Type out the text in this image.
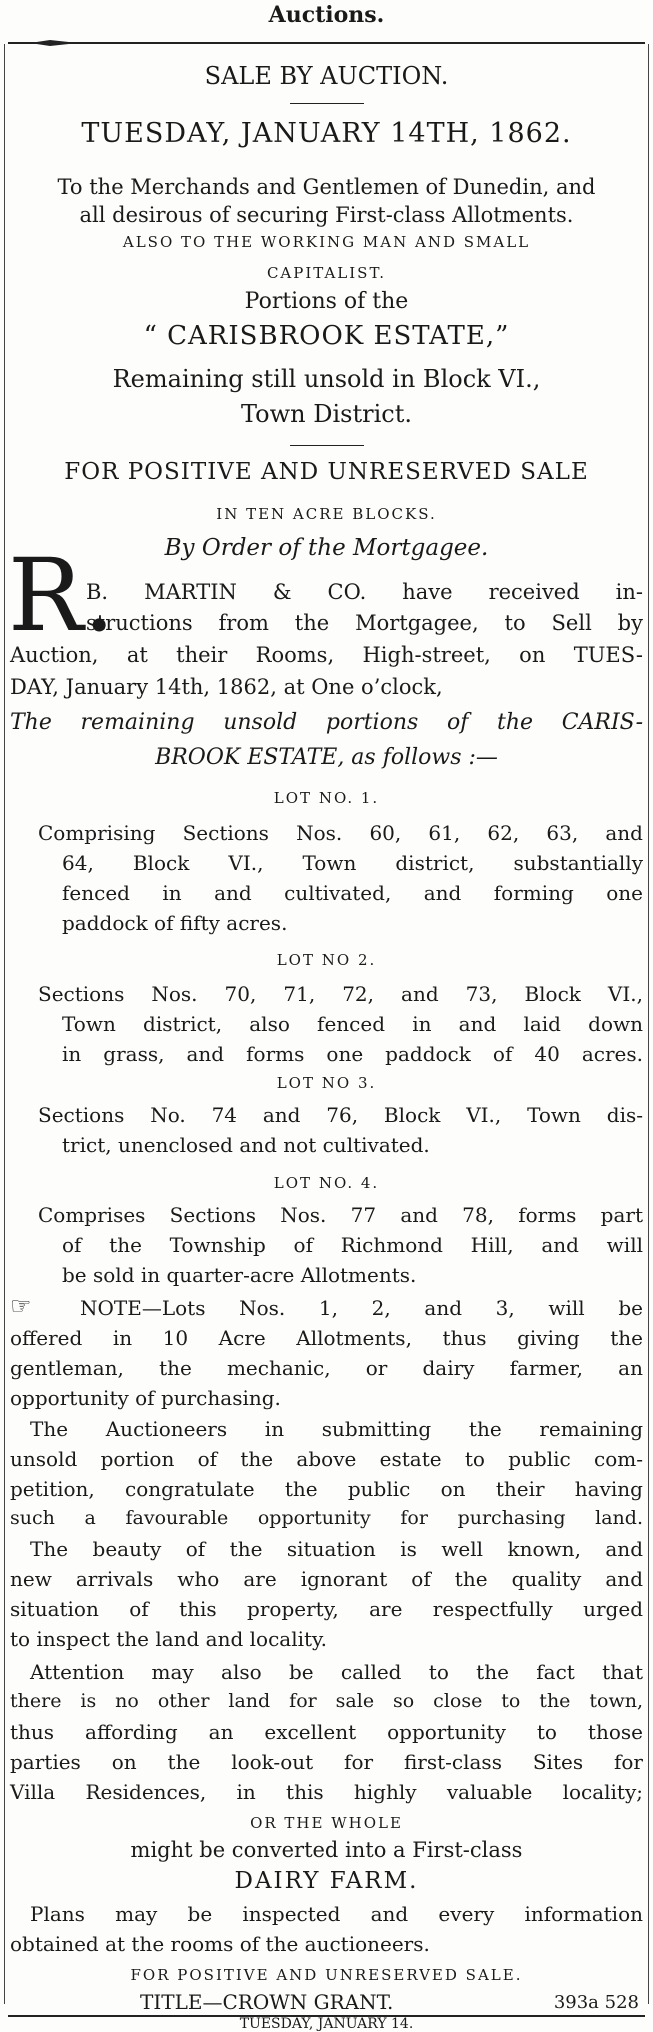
Auctions.
SALE BY AUCTION.
TUESDAY, JANUARY 14TH, 1862.
To the Merchands and Gentlemen of Dunedin, and
all desirous of securing First-class Allotments.
ALSO TO THE WORKING MAN AND SMALL
CAPITALIST.
Portions of the
“ CARISBROOK ESTATE,”
Remaining still unsold in Block VI.,
Town District.
FOR POSITIVE AND UNRESERVED SALE
IN TEN ACRE BLOCKS.
By Order of the Mortgagee.
R.
B. MARTIN & CO. have received in-
structions from the Mortgagee, to Sell by
Auction, at their Rooms, High-street, on TUES-
DAY, January 14th, 1862, at One o’clock,
The remaining unsold portions of the CARIS-
BROOK ESTATE, as follows :—
LOT NO. 1.
Comprising Sections Nos. 60, 61, 62, 63, and
64, Block VI., Town district, substantially
fenced in and cultivated, and forming one
paddock of fifty acres.
LOT NO 2.
Sections Nos. 70, 71, 72, and 73, Block VI.,
Town district, also fenced in and laid down
in grass, and forms one paddock of 40 acres.
LOT NO 3.
Sections No. 74 and 76, Block VI., Town dis-
trict, unenclosed and not cultivated.
LOT NO. 4.
Comprises Sections Nos. 77 and 78, forms part
of the Township of Richmond Hill, and will
be sold in quarter-acre Allotments.
☞	NOTE—Lots Nos. 1, 2, and 3, will be
offered in 10 Acre Allotments, thus giving the
gentleman, the mechanic, or dairy farmer, an
opportunity of purchasing.
The Auctioneers in submitting the remaining
unsold portion of the above estate to public com-
petition, congratulate the public on their having
such a favourable opportunity for purchasing land.
The beauty of the situation is well known, and
new arrivals who are ignorant of the quality and
situation of this property, are respectfully urged
to inspect the land and locality.
Attention may also be called to the fact that
there is no other land for sale so close to the town,
thus affording an excellent opportunity to those
parties on the look-out for first-class Sites for
Villa Residences, in this highly valuable locality;
OR THE WHOLE
might be converted into a First-class
DAIRY FARM.
Plans may be inspected and every information
obtained at the rooms of the auctioneers.
FOR POSITIVE AND UNRESERVED SALE.
TITLE—CROWN GRANT.	393a 528
TUESDAY, JANUARY 14.
